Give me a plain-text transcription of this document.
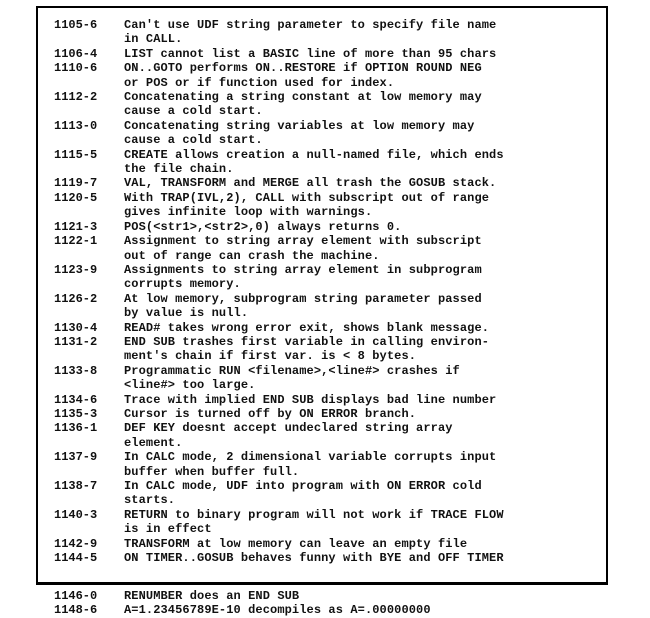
1105-6	Can't use UDF string parameter to specify file name
in CALL.
1106-4	LIST cannot list a BASIC line of more than 95 chars
1110-6	ON..GOTO performs ON..RESTORE if OPTION ROUND NEG
or POS or if function used for index.
1112-2	Concatenating a string constant at low memory may
cause a cold start.
1113-0	Concatenating string variables at low memory may
cause a cold start.
1115-5	CREATE allows creation a null-named file, which ends
the file chain.
1119-7	VAL, TRANSFORM and MERGE all trash the GOSUB stack.
1120-5	With TRAP(IVL,2), CALL with subscript out of range
gives infinite loop with warnings.
1121-3	POS(<str1>,<str2>,0) always returns 0.
1122-1	Assignment to string array element with subscript
out of range can crash the machine.
1123-9	Assignments to string array element in subprogram
corrupts memory.
1126-2	At low memory, subprogram string parameter passed
by value is null.
1130-4	READ# takes wrong error exit, shows blank message.
1131-2	END SUB trashes first variable in calling environ-
ment's chain if first var. is < 8 bytes.
1133-8	Programmatic RUN <filename>,<line#> crashes if
<line#> too large.
1134-6	Trace with implied END SUB displays bad line number
1135-3	Cursor is turned off by ON ERROR branch.
1136-1	DEF KEY doesnt accept undeclared string array
element.
1137-9	In CALC mode, 2 dimensional variable corrupts input
buffer when buffer full.
1138-7	In CALC mode, UDF into program with ON ERROR cold
starts.
1140-3	RETURN to binary program will not work if TRACE FLOW
is in effect
1142-9	TRANSFORM at low memory can leave an empty file
1144-5	ON TIMER..GOSUB behaves funny with BYE and OFF TIMER
1146-0	RENUMBER does an END SUB
1148-6	A=1.23456789E-10 decompiles as A=.00000000
